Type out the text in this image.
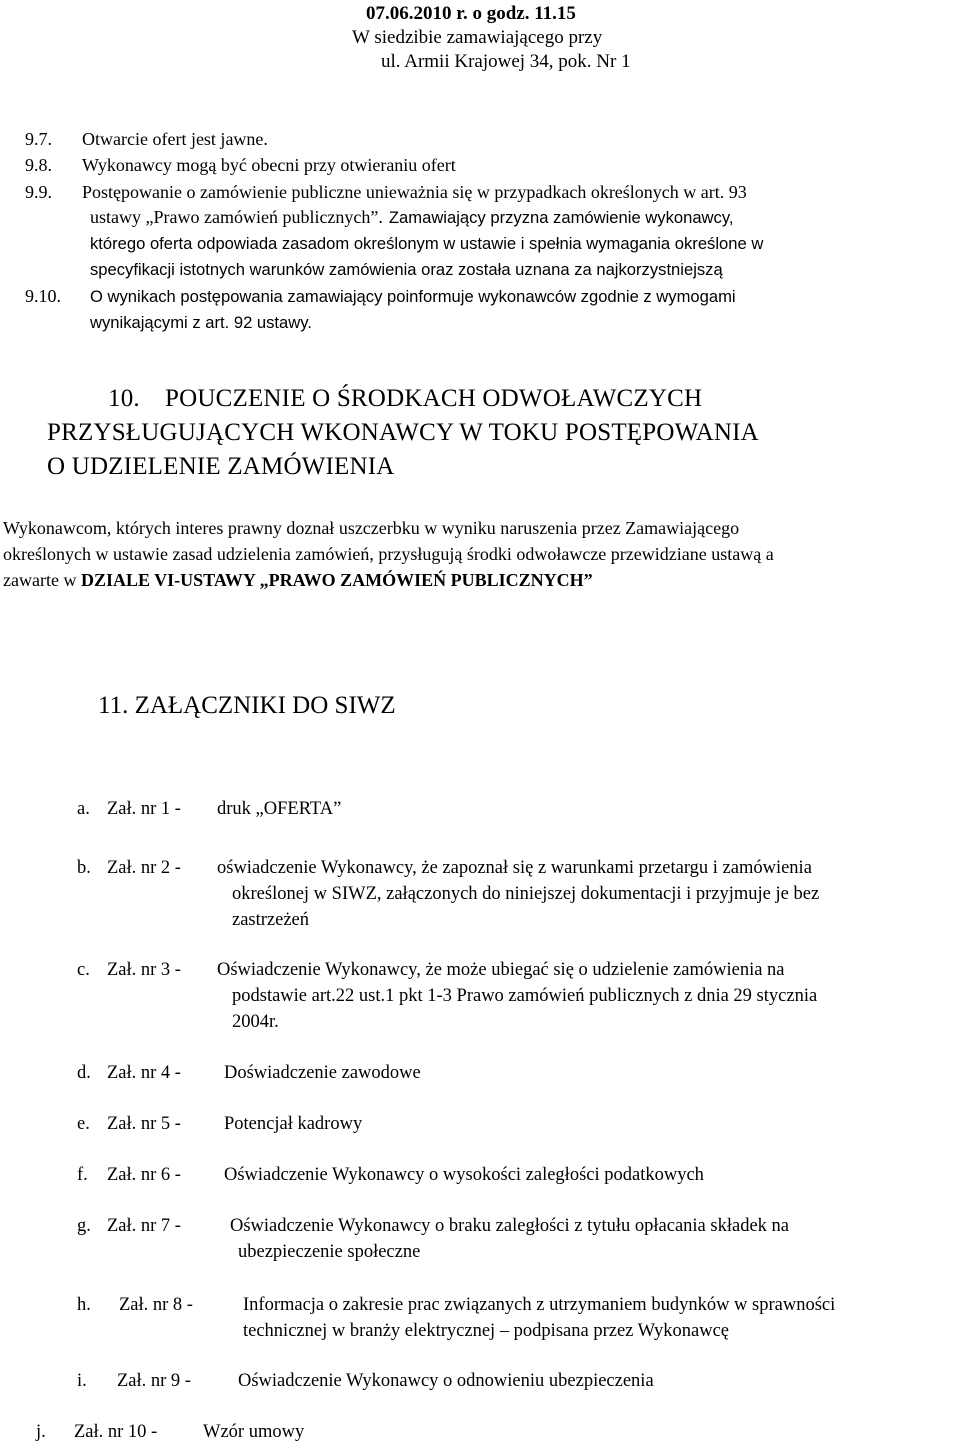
07.06.2010 r. o godz. 11.15
W siedzibie zamawiającego przy
ul. Armii Krajowej 34, pok. Nr 1
9.7. Otwarcie ofert jest jawne.
9.8. Wykonawcy mogą być obecni przy otwieraniu ofert
9.9. Postępowanie o zamówienie publiczne unieważnia się w przypadkach określonych w art. 93
ustawy „Prawo zamówień publicznych”. Zamawiający przyzna zamówienie wykonawcy,
którego oferta odpowiada zasadom określonym w ustawie i spełnia wymagania określone w
specyfikacji istotnych warunków zamówienia oraz została uznana za najkorzystniejszą
9.10. O wynikach postępowania zamawiający poinformuje wykonawców zgodnie z wymogami
wynikającymi z art. 92 ustawy.
10. POUCZENIE O ŚRODKACH ODWOŁAWCZYCH
PRZYSŁUGUJĄCYCH WKONAWCY W TOKU POSTĘPOWANIA
O UDZIELENIE ZAMÓWIENIA
Wykonawcom, których interes prawny doznał uszczerbku w wyniku naruszenia przez Zamawiającego
określonych w ustawie zasad udzielenia zamówień, przysługują środki odwoławcze przewidziane ustawą a
zawarte w DZIALE VI-USTAWY „PRAWO ZAMÓWIEŃ PUBLICZNYCH”
11. ZAŁĄCZNIKI DO SIWZ
a. Zał. nr 1 - druk „OFERTA”
b. Zał. nr 2 - oświadczenie Wykonawcy, że zapoznał się z warunkami przetargu i zamówienia
określonej w SIWZ, załączonych do niniejszej dokumentacji i przyjmuje je bez
zastrzeżeń
c. Zał. nr 3 - Oświadczenie Wykonawcy, że może ubiegać się o udzielenie zamówienia na
podstawie art.22 ust.1 pkt 1-3 Prawo zamówień publicznych z dnia 29 stycznia
2004r.
d. Zał. nr 4 - Doświadczenie zawodowe
e. Zał. nr 5 - Potencjał kadrowy
f. Zał. nr 6 - Oświadczenie Wykonawcy o wysokości zaległości podatkowych
g. Zał. nr 7 -	Oświadczenie Wykonawcy o braku zaległości z tytułu opłacania składek na
ubezpieczenie społeczne
h. Zał. nr 8 -	Informacja o zakresie prac związanych z utrzymaniem budynków w sprawności
technicznej w branży elektrycznej – podpisana przez Wykonawcę
i. Zał. nr 9 -	Oświadczenie Wykonawcy o odnowieniu ubezpieczenia
j. Zał. nr 10 - Wzór umowy
